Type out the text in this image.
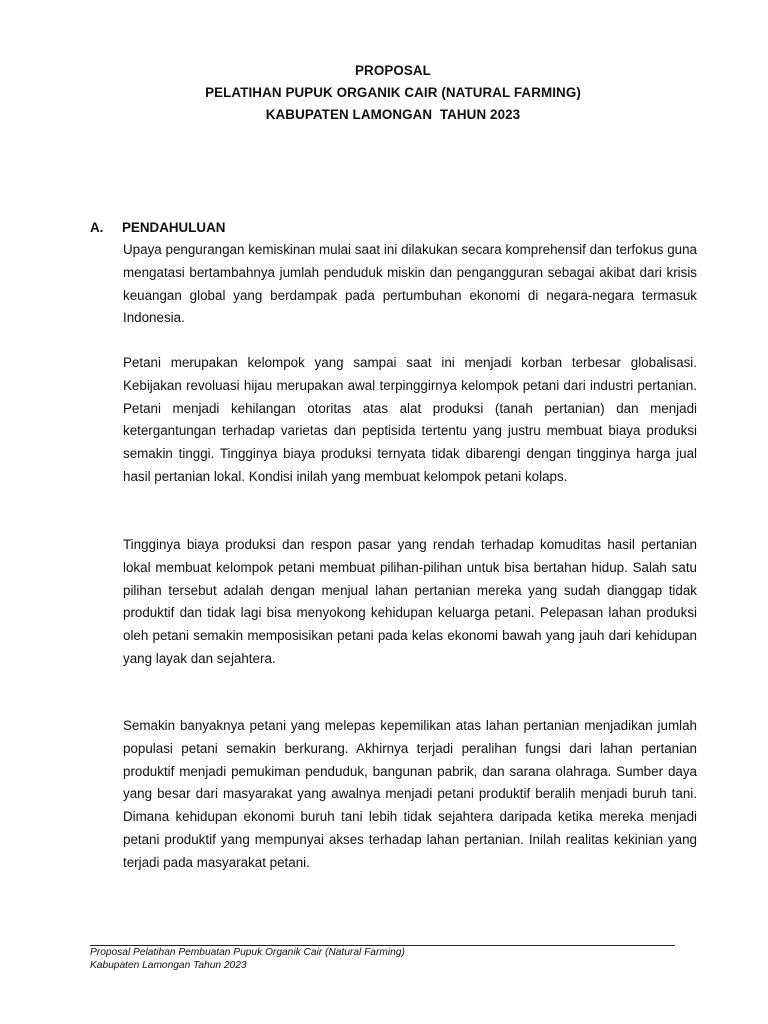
PROPOSAL
PELATIHAN PUPUK ORGANIK CAIR (NATURAL FARMING)
KABUPATEN LAMONGAN  TAHUN 2023
A. PENDAHULUAN

Upaya pengurangan kemiskinan mulai saat ini dilakukan secara komprehensif dan terfokus guna mengatasi bertambahnya jumlah penduduk miskin dan pengangguran sebagai akibat dari krisis keuangan global yang berdampak pada pertumbuhan ekonomi di negara-negara termasuk Indonesia.

Petani merupakan kelompok yang sampai saat ini menjadi korban terbesar globalisasi. Kebijakan revoluasi hijau merupakan awal terpinggirnya kelompok petani dari industri pertanian. Petani menjadi kehilangan otoritas atas alat produksi (tanah pertanian) dan menjadi ketergantungan terhadap varietas dan peptisida tertentu yang justru membuat biaya produksi semakin tinggi. Tingginya biaya produksi ternyata tidak dibarengi dengan tingginya harga jual hasil pertanian lokal. Kondisi inilah yang membuat kelompok petani kolaps.

Tingginya biaya produksi dan respon pasar yang rendah terhadap komuditas hasil pertanian lokal membuat kelompok petani membuat pilihan-pilihan untuk bisa bertahan hidup. Salah satu pilihan tersebut adalah dengan menjual lahan pertanian mereka yang sudah dianggap tidak produktif dan tidak lagi bisa menyokong kehidupan keluarga petani. Pelepasan lahan produksi oleh petani semakin memposisikan petani pada kelas ekonomi bawah yang jauh dari kehidupan yang layak dan sejahtera.

Semakin banyaknya petani yang melepas kepemilikan atas lahan pertanian menjadikan jumlah populasi petani semakin berkurang. Akhirnya terjadi peralihan fungsi dari lahan pertanian produktif menjadi pemukiman penduduk, bangunan pabrik, dan sarana olahraga. Sumber daya yang besar dari masyarakat yang awalnya menjadi petani produktif beralih menjadi buruh tani. Dimana kehidupan ekonomi buruh tani lebih tidak sejahtera daripada ketika mereka menjadi petani produktif yang mempunyai akses terhadap lahan pertanian. Inilah realitas kekinian yang terjadi pada masyarakat petani.

Proposal Pelatihan Pembuatan Pupuk Organik Cair (Natural Farming)
Kabupaten Lamongan Tahun 2023
